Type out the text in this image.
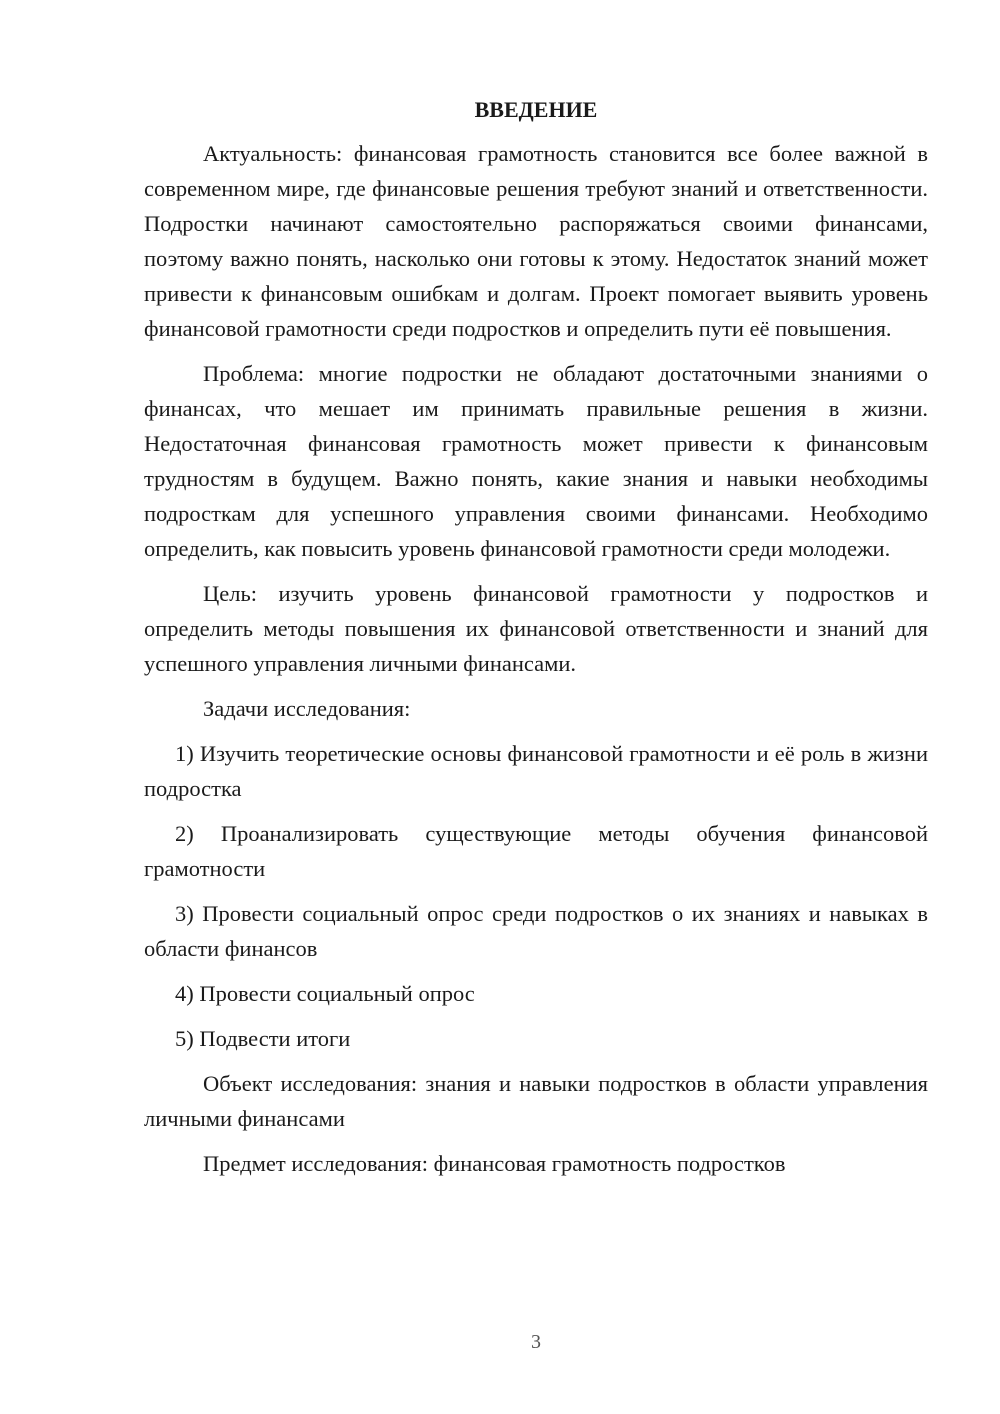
ВВЕДЕНИЕ

Актуальность: финансовая грамотность становится все более важной в современном мире, где финансовые решения требуют знаний и ответственности. Подростки начинают самостоятельно распоряжаться своими финансами, поэтому важно понять, насколько они готовы к этому. Недостаток знаний может привести к финансовым ошибкам и долгам. Проект помогает выявить уровень финансовой грамотности среди подростков и определить пути её повышения.

Проблема: многие подростки не обладают достаточными знаниями о финансах, что мешает им принимать правильные решения в жизни. Недостаточная финансовая грамотность может привести к финансовым трудностям в будущем. Важно понять, какие знания и навыки необходимы подросткам для успешного управления своими финансами. Необходимо определить, как повысить уровень финансовой грамотности среди молодежи.

Цель: изучить уровень финансовой грамотности у подростков и определить методы повышения их финансовой ответственности и знаний для успешного управления личными финансами.

Задачи исследования:

1) Изучить теоретические основы финансовой грамотности и её роль в жизни подростка

2) Проанализировать существующие методы обучения финансовой грамотности

3) Провести социальный опрос среди подростков о их знаниях и навыках в области финансов

4) Провести социальный опрос

5) Подвести итоги

Объект исследования: знания и навыки подростков в области управления личными финансами

Предмет исследования: финансовая грамотность подростков

3
